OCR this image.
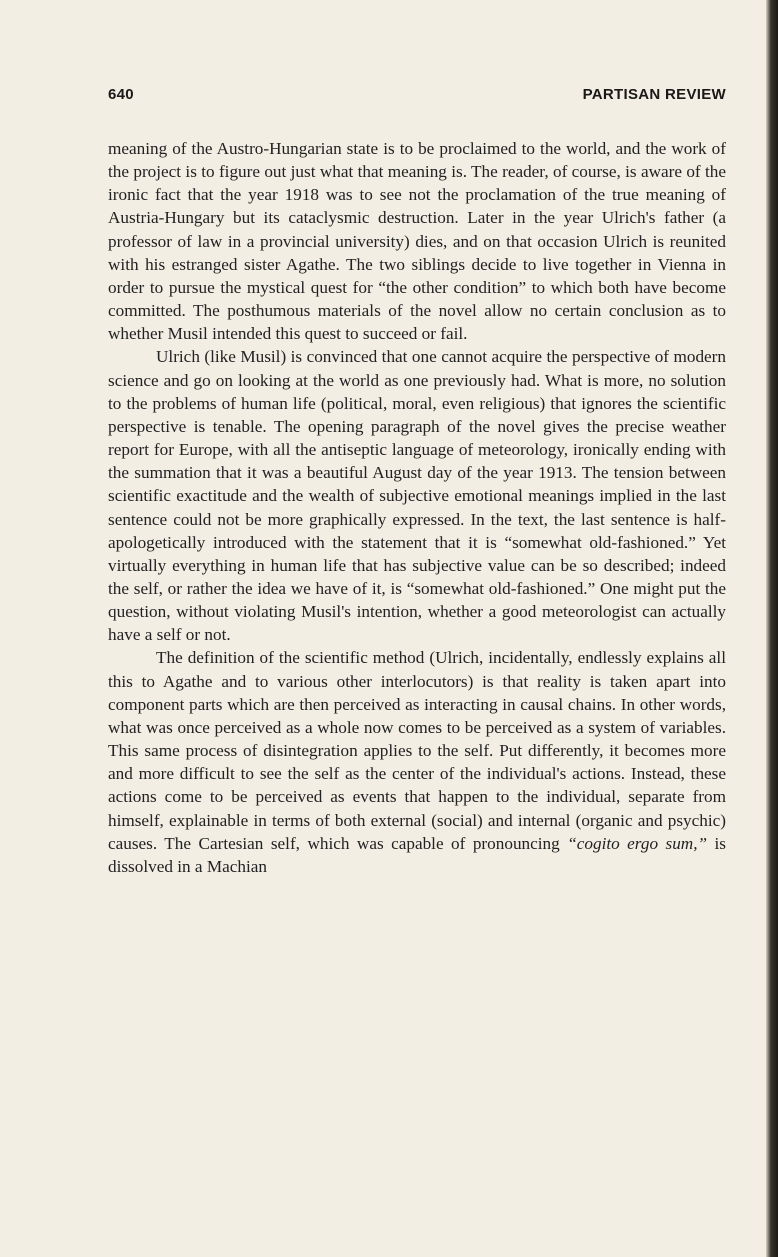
640	PARTISAN REVIEW

meaning of the Austro-Hungarian state is to be proclaimed to the world, and the work of the project is to figure out just what that meaning is. The reader, of course, is aware of the ironic fact that the year 1918 was to see not the proclamation of the true meaning of Austria-Hungary but its cataclysmic destruction. Later in the year Ulrich's father (a professor of law in a provincial university) dies, and on that occasion Ulrich is reunited with his estranged sister Agathe. The two siblings decide to live together in Vienna in order to pursue the mystical quest for “the other condition” to which both have become committed. The posthumous materials of the novel allow no certain conclusion as to whether Musil intended this quest to succeed or fail.

Ulrich (like Musil) is convinced that one cannot acquire the perspective of modern science and go on looking at the world as one previously had. What is more, no solution to the problems of human life (political, moral, even religious) that ignores the scientific perspective is tenable. The opening paragraph of the novel gives the precise weather report for Europe, with all the antiseptic language of meteorology, ironically ending with the summation that it was a beautiful August day of the year 1913. The tension between scientific exactitude and the wealth of subjective emotional meanings implied in the last sentence could not be more graphically expressed. In the text, the last sentence is half-apologetically introduced with the statement that it is “somewhat old-fashioned.” Yet virtually everything in human life that has subjective value can be so described; indeed the self, or rather the idea we have of it, is “somewhat old-fashioned.” One might put the question, without violating Musil's intention, whether a good meteorologist can actually have a self or not.

The definition of the scientific method (Ulrich, incidentally, endlessly explains all this to Agathe and to various other interlocutors) is that reality is taken apart into component parts which are then perceived as interacting in causal chains. In other words, what was once perceived as a whole now comes to be perceived as a system of variables. This same process of disintegration applies to the self. Put differently, it becomes more and more difficult to see the self as the center of the individual's actions. Instead, these actions come to be perceived as events that happen to the individual, separate from himself, explainable in terms of both external (social) and internal (organic and psychic) causes. The Cartesian self, which was capable of pronouncing “cogito ergo sum,” is dissolved in a Machian
